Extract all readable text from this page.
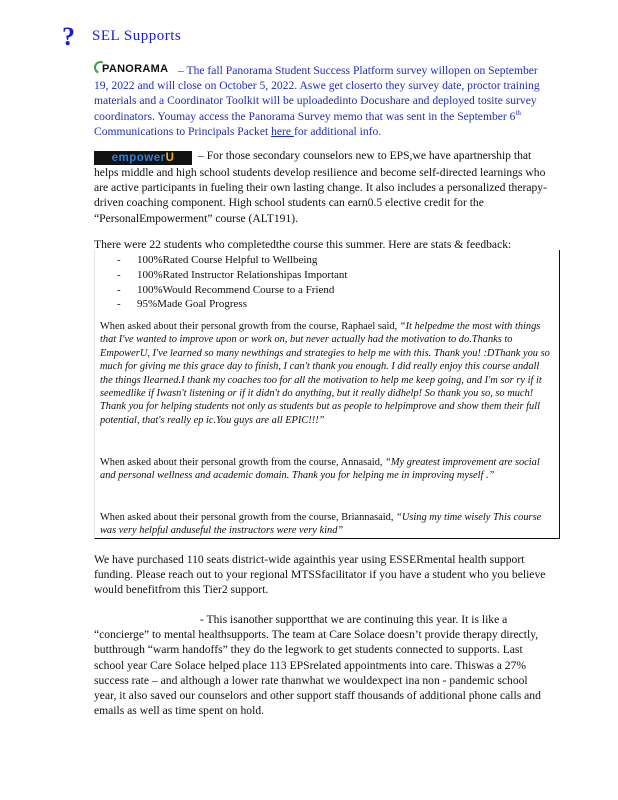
? SEL Supports
PANORAMA – The fall Panorama Student Success Platform survey willopen on September 19, 2022 and will close on October 5, 2022. Aswe get closerto they survey date, proctor training materials and a Coordinator Toolkit will be uploadedinto Docushare and deployed tosite survey coordinators. Youmay access the Panorama Survey memo that was sent in the September 6th Communications to Principals Packet here for additional info.
empowerU – For those secondary counselors new to EPS,we have apartnership that helps middle and high school students develop resilience and become self-directed learnings who are active participants in fueling their own lasting change. It also includes a personalized therapy-driven coaching component. High school students can earn0.5 elective credit for the “PersonalEmpowerment” course (ALT191).
There were 22 students who completedthe course this summer. Here are stats & feedback:
- 100%Rated Course Helpful to Wellbeing
- 100%Rated Instructor Relationshipas Important
- 100%Would Recommend Course to a Friend
- 95%Made Goal Progress
When asked about their personal growth from the course, Raphael said, “It helpedme the most with things that I've wanted to improve upon or work on, but never actually had the motivation to do.Thanks to EmpowerU, I've learned so many newthings and strategies to help me with this. Thank you! :DThank you so much for giving me this grace day to finish, I can't thank you enough. I did really enjoy this course andall the things Ilearned.I thank my coaches too for all the motivation to help me keep going, and I'm sor ry if it seemedlike if Iwasn't listening or if it didn't do anything, but it really didhelp! So thank you so, so much! Thank you for helping students not only as students but as people to helpimprove and show them their full potential, that's really ep ic.You guys are all EPIC!!!”
When asked about their personal growth from the course, Annasaid, “My greatest improvement are social and personal wellness and academic domain. Thank you for helping me in improving myself .”
When asked about their personal growth from the course, Briannasaid, “Using my time wisely This course was very helpful anduseful the instructors were very kind”
We have purchased 110 seats district-wide againthis year using ESSERmental health support funding. Please reach out to your regional MTSSfacilitator if you have a student who you believe would benefitfrom this Tier2 support.
- This isanother supportthat we are continuing this year. It is like a “concierge” to mental healthsupports. The team at Care Solace doesn’t provide therapy directly, butthrough “warm handoffs” they do the legwork to get students connected to supports. Last school year Care Solace helped place 113 EPSrelated appointments into care. Thiswas a 27% success rate – and although a lower rate thanwhat we wouldexpect ina non - pandemic school year, it also saved our counselors and other support staff thousands of additional phone calls and emails as well as time spent on hold.
